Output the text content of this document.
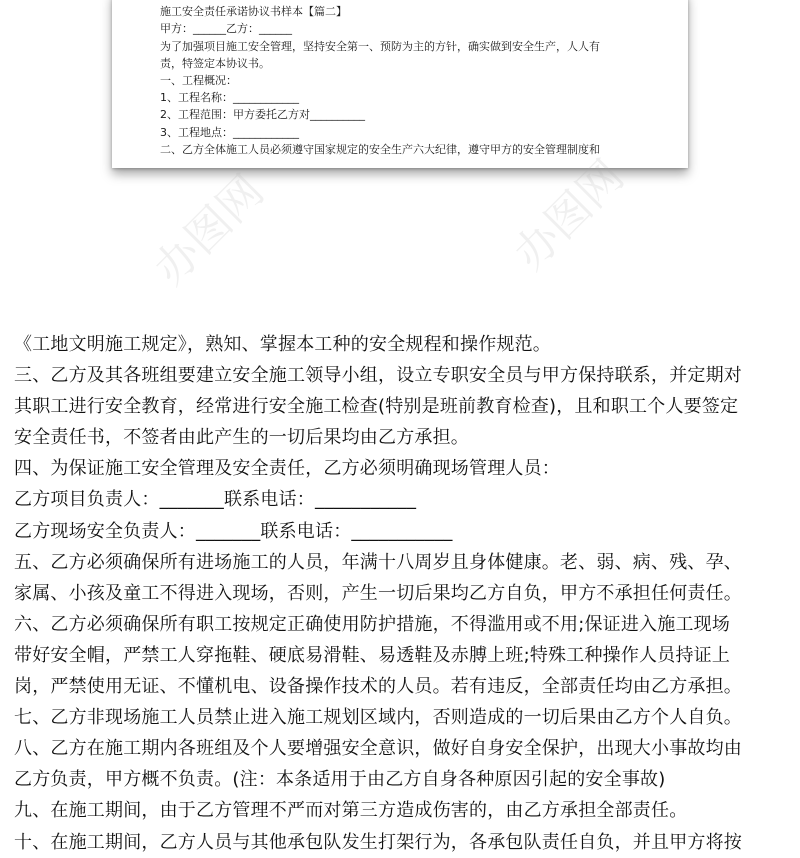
施工安全责任承诺协议书样本【篇二】
甲方：______乙方：______
为了加强项目施工安全管理，坚持安全第一、预防为主的方针，确实做到安全生产，人人有
责，特签定本协议书。
一、工程概况：
1、工程名称：____________
2、工程范围：甲方委托乙方对__________
3、工程地点：____________
二、乙方全体施工人员必须遵守国家规定的安全生产六大纪律，遵守甲方的安全管理制度和
办图网	办图网
《工地文明施工规定》，熟知、掌握本工种的安全规程和操作规范。
三、乙方及其各班组要建立安全施工领导小组，设立专职安全员与甲方保持联系，并定期对
其职工进行安全教育，经常进行安全施工检查(特别是班前教育检查)，且和职工个人要签定
安全责任书，不签者由此产生的一切后果均由乙方承担。
四、为保证施工安全管理及安全责任，乙方必须明确现场管理人员：
乙方项目负责人：_______联系电话：___________
乙方现场安全负责人：_______联系电话：___________
五、乙方必须确保所有进场施工的人员，年满十八周岁且身体健康。老、弱、病、残、孕、
家属、小孩及童工不得进入现场，否则，产生一切后果均乙方自负，甲方不承担任何责任。
六、乙方必须确保所有职工按规定正确使用防护措施，不得滥用或不用;保证进入施工现场
带好安全帽，严禁工人穿拖鞋、硬底易滑鞋、易透鞋及赤膊上班;特殊工种操作人员持证上
岗，严禁使用无证、不懂机电、设备操作技术的人员。若有违反，全部责任均由乙方承担。
七、乙方非现场施工人员禁止进入施工规划区域内，否则造成的一切后果由乙方个人自负。
八、乙方在施工期内各班组及个人要增强安全意识，做好自身安全保护，出现大小事故均由
乙方负责，甲方概不负责。(注：本条适用于由乙方自身各种原因引起的安全事故)
九、在施工期间，由于乙方管理不严而对第三方造成伤害的，由乙方承担全部责任。
十、在施工期间，乙方人员与其他承包队发生打架行为，各承包队责任自负，并且甲方将按
